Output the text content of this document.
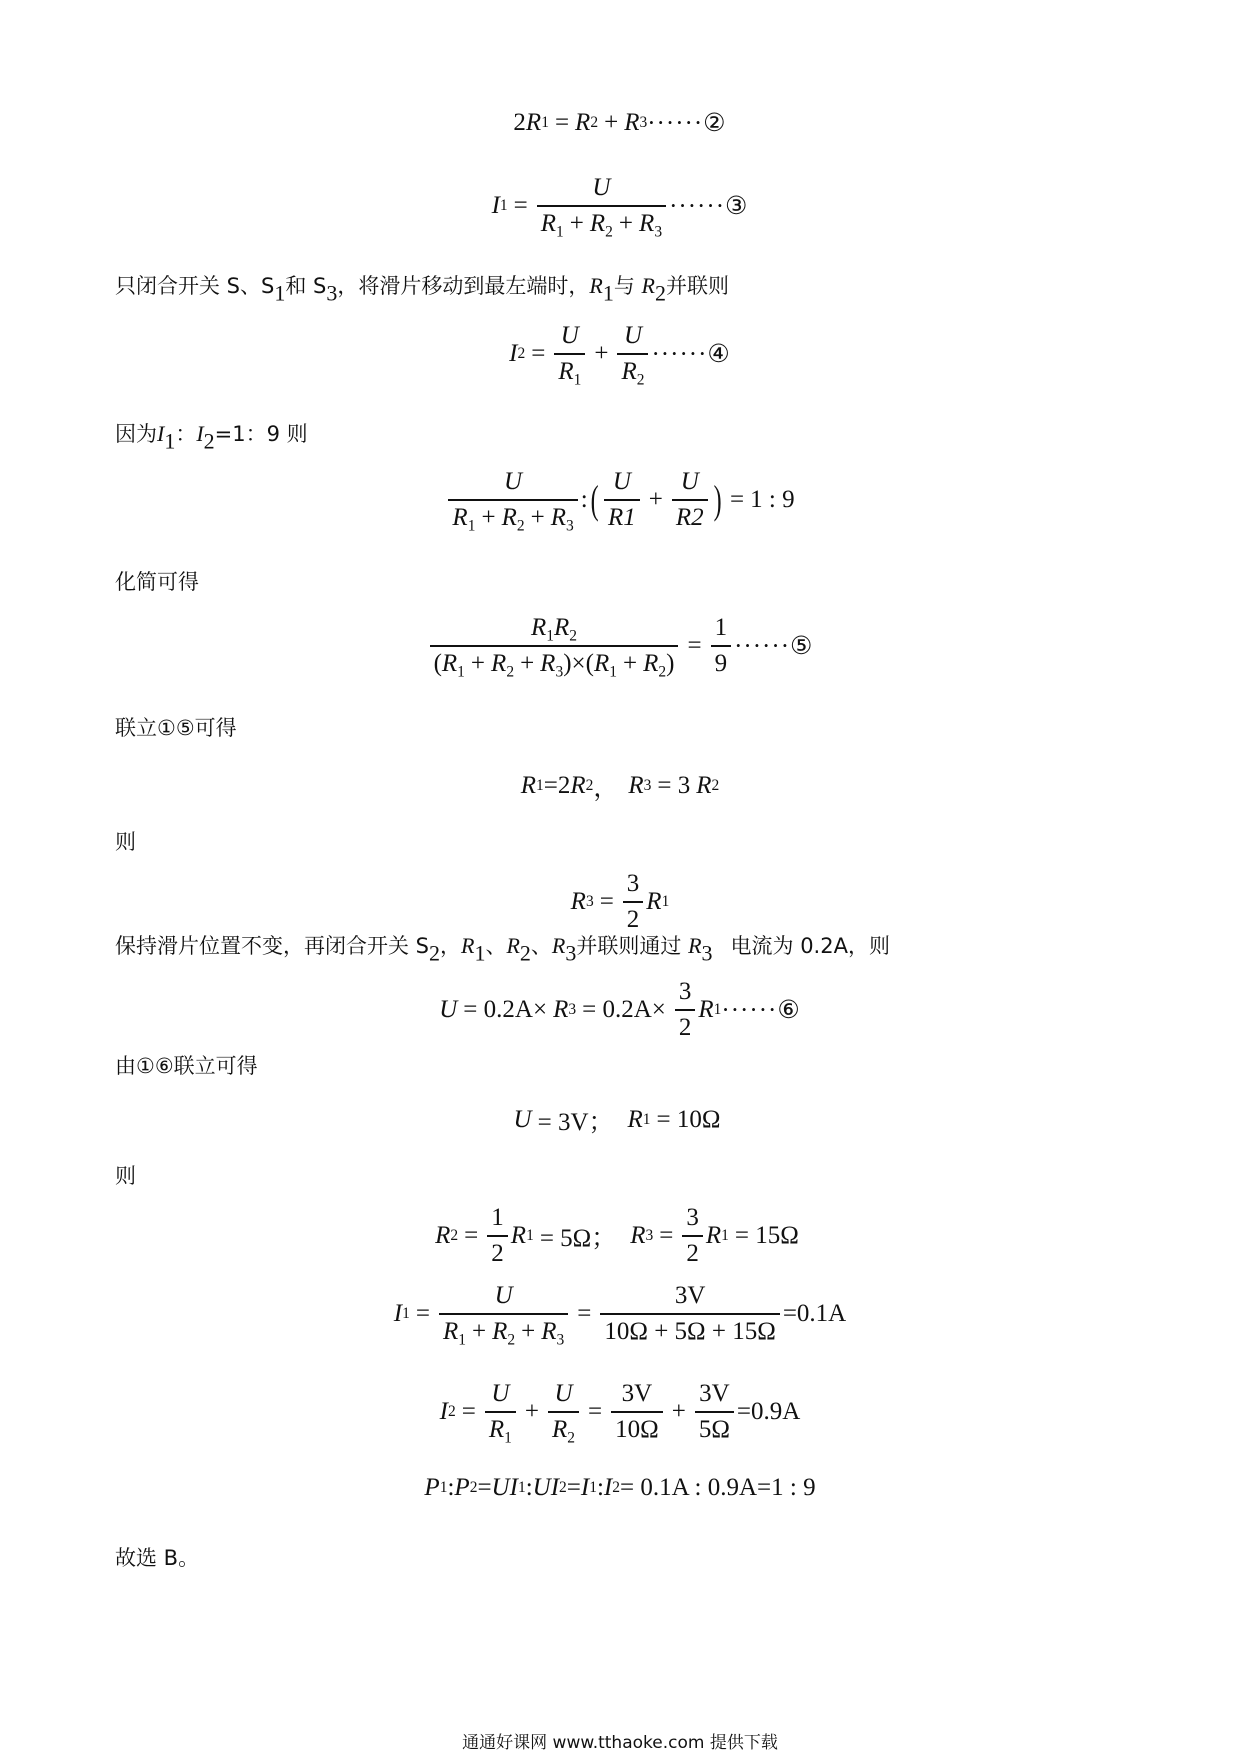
2 R 1 = R 2 + R 3 ······②
I $1 = \frac{U}{R_1 + R_2 + R_3}$ ······③
只闭合开关 S、$S_1$和 $S_3$，将滑片移动到最左端时，$R_1$与 $R_2$并联则
I $2 = \frac{U}{R_1} + \frac{U}{R_2}$ ······④
因为$I_1$：$I_2=1$：9 则
U
$R_1 + R_2 + R_3$
: ( U
R1
+ $\frac{U}{R2}$ ) = 1 : 9
化简可得
$\frac{R_1R_2}{(R_1 + R_2 + R_3)\times(R_1 + R_2)} = \frac{1}{9}$ ······⑤
联立①⑤可得
R 1 =2 R 2 ， R 3 = 3 R 2
则
R $3 = \frac{3}{2}$ R 1
保持滑片位置不变，再闭合开关 $S_2$，$R_1$、$R_2$、$R_3$并联则通过 $R_3$ 电流为 0.2A，则
U = 0.2A× R $3 = 0.2A\times \frac{3}{2}$ R 1 ······⑥
由①⑥联立可得
U = 3V； R 1 = 10Ω
则
R $2 = \frac{1}{2}$ R 1 = 5Ω； R $3 = \frac{3}{2}$ R 1 = 15Ω
I $1 = \frac{U}{R_1 + R_2 + R_3} = \frac{3V}{10\Omega + 5\Omega + 15\Omega} =0.1A$
I $2 = \frac{U}{R_1} + \frac{U}{R_2} = \frac{3V}{10\Omega} + \frac{3V}{5\Omega} =0.9A$
P 1 : P 2 = UI 1 : UI 2 = I 1 : I 2 = 0.1A : 0.9A=1 : 9
故选 B。
通通好课网 www.tthaoke.com 提供下载
